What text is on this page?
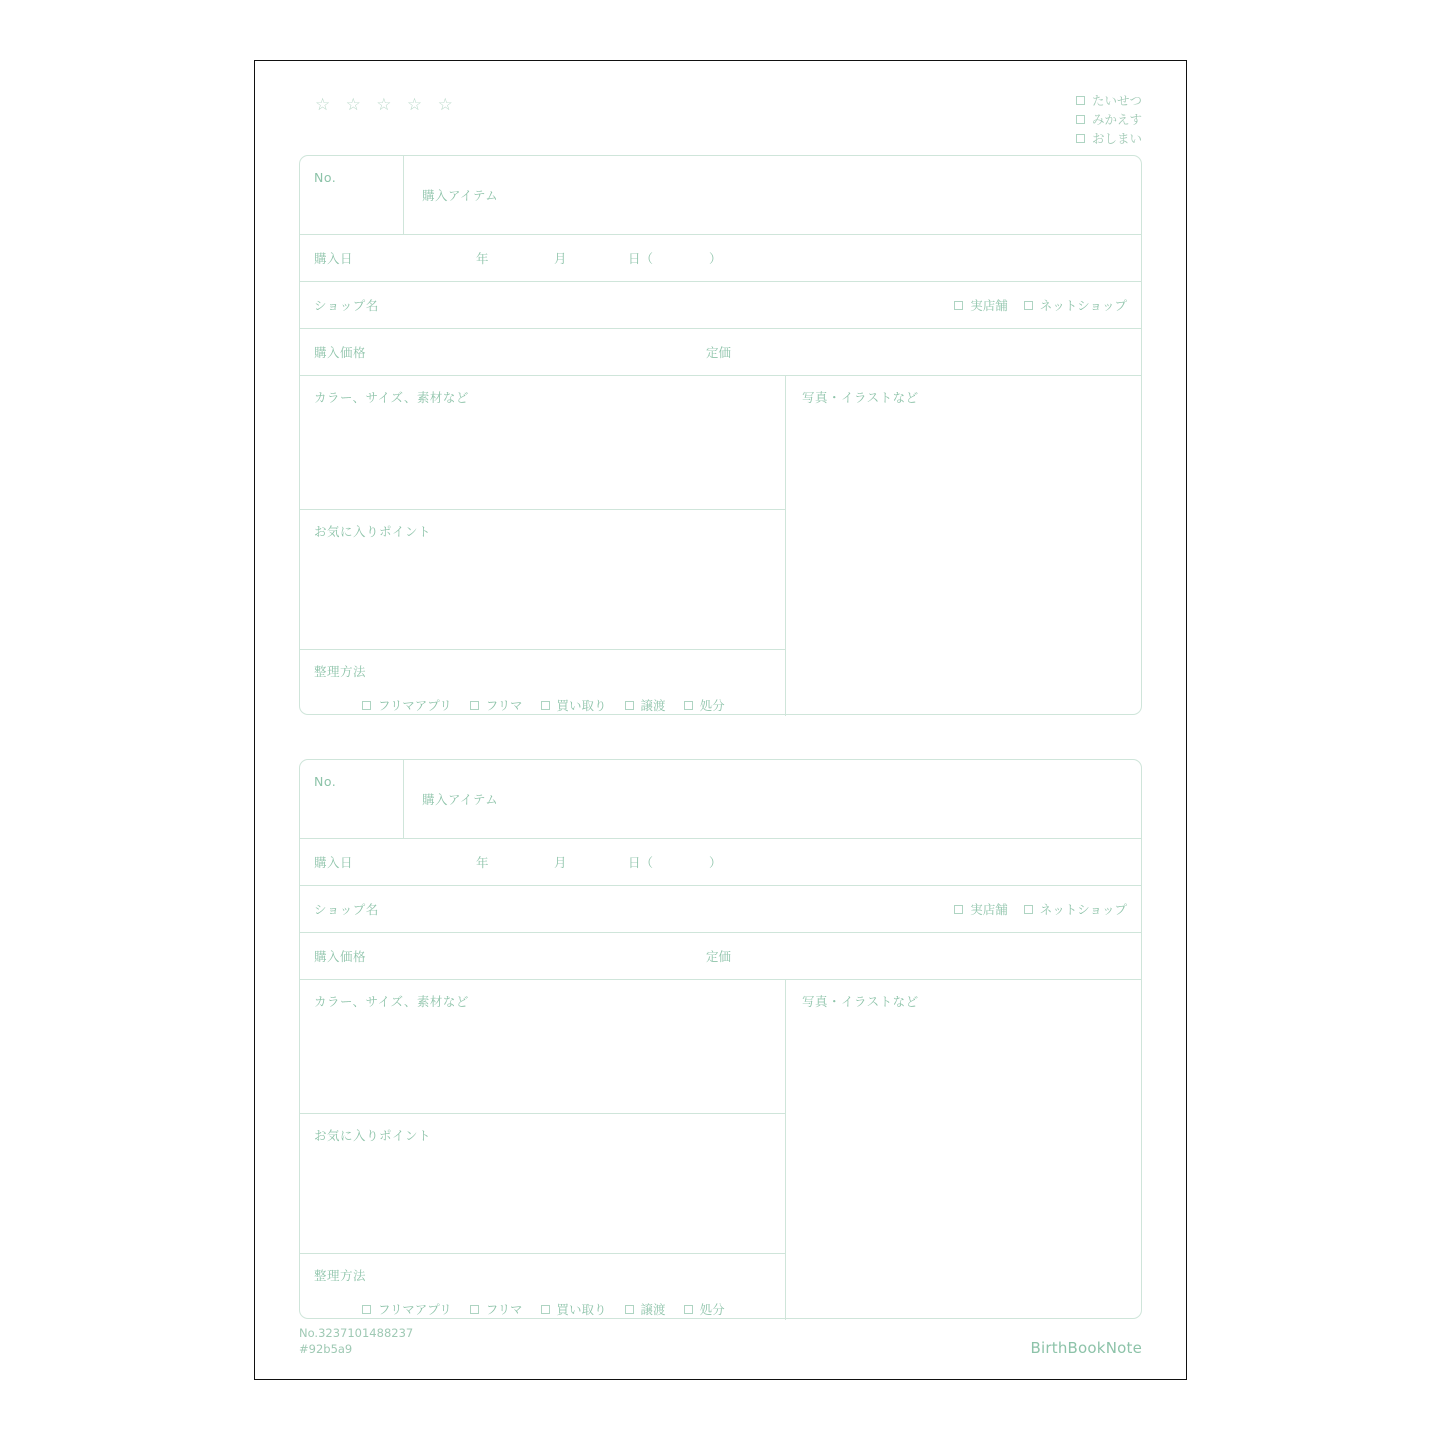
☆ ☆ ☆ ☆ ☆	たいせつ
みかえす
おしまい
No.
購入アイテム
購入日	年	月	日（	）
ショップ名	実店舗	ネットショップ
購入価格	定価
カラー、サイズ、素材など
お気に入りポイント
整理方法
フリマアプリ	フリマ	買い取り	譲渡	処分
写真・イラストなど
No.
購入アイテム
購入日	年	月	日（	）
ショップ名	実店舗	ネットショップ
購入価格	定価
カラー、サイズ、素材など
お気に入りポイント
整理方法
フリマアプリ	フリマ	買い取り	譲渡	処分
写真・イラストなど
No.3237101488237
#92b5a9	BirthBookNote
